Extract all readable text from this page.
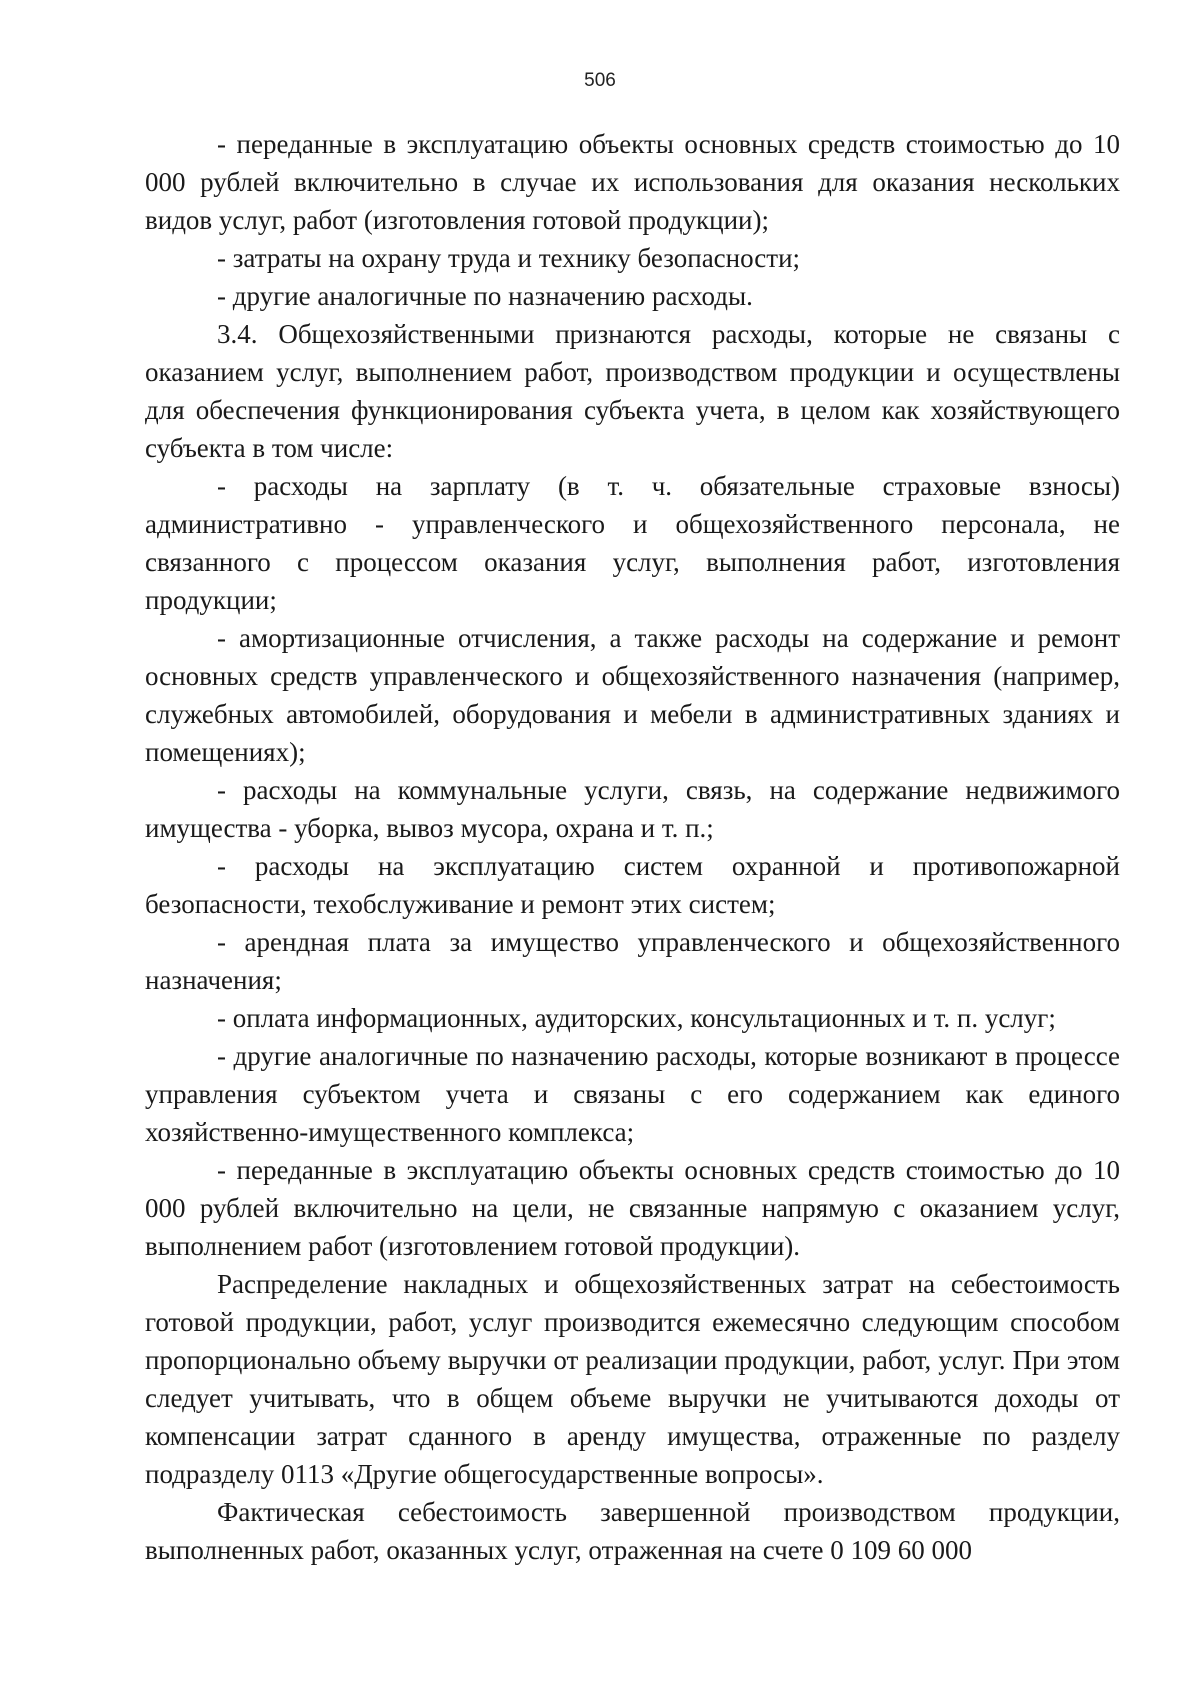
506

- переданные в эксплуатацию объекты основных средств стоимостью до 10 000 рублей включительно в случае их использования для оказания нескольких видов услуг, работ (изготовления готовой продукции);

- затраты на охрану труда и технику безопасности;

- другие аналогичные по назначению расходы.

3.4. Общехозяйственными признаются расходы, которые не связаны с оказанием услуг, выполнением работ, производством продукции и осуществлены для обеспечения функционирования субъекта учета, в целом как хозяйствующего субъекта в том числе:

- расходы на зарплату (в т. ч. обязательные страховые взносы) административно - управленческого и общехозяйственного персонала, не связанного с процессом оказания услуг, выполнения работ, изготовления продукции;

- амортизационные отчисления, а также расходы на содержание и ремонт основных средств управленческого и общехозяйственного назначения (например, служебных автомобилей, оборудования и мебели в административных зданиях и помещениях);

- расходы на коммунальные услуги, связь, на содержание недвижимого имущества - уборка, вывоз мусора, охрана и т. п.;

- расходы на эксплуатацию систем охранной и противопожарной безопасности, техобслуживание и ремонт этих систем;

- арендная плата за имущество управленческого и общехозяйственного назначения;

- оплата информационных, аудиторских, консультационных и т. п. услуг;

- другие аналогичные по назначению расходы, которые возникают в процессе управления субъектом учета и связаны с его содержанием как единого хозяйственно-имущественного комплекса;

- переданные в эксплуатацию объекты основных средств стоимостью до 10 000 рублей включительно на цели, не связанные напрямую с оказанием услуг, выполнением работ (изготовлением готовой продукции).

Распределение накладных и общехозяйственных затрат на себестоимость готовой продукции, работ, услуг производится ежемесячно следующим способом пропорционально объему выручки от реализации продукции, работ, услуг. При этом следует учитывать, что в общем объеме выручки не учитываются доходы от компенсации затрат сданного в аренду имущества, отраженные по разделу подразделу 0113 «Другие общегосударственные вопросы».

Фактическая себестоимость завершенной производством продукции, выполненных работ, оказанных услуг, отраженная на счете 0 109 60 000
